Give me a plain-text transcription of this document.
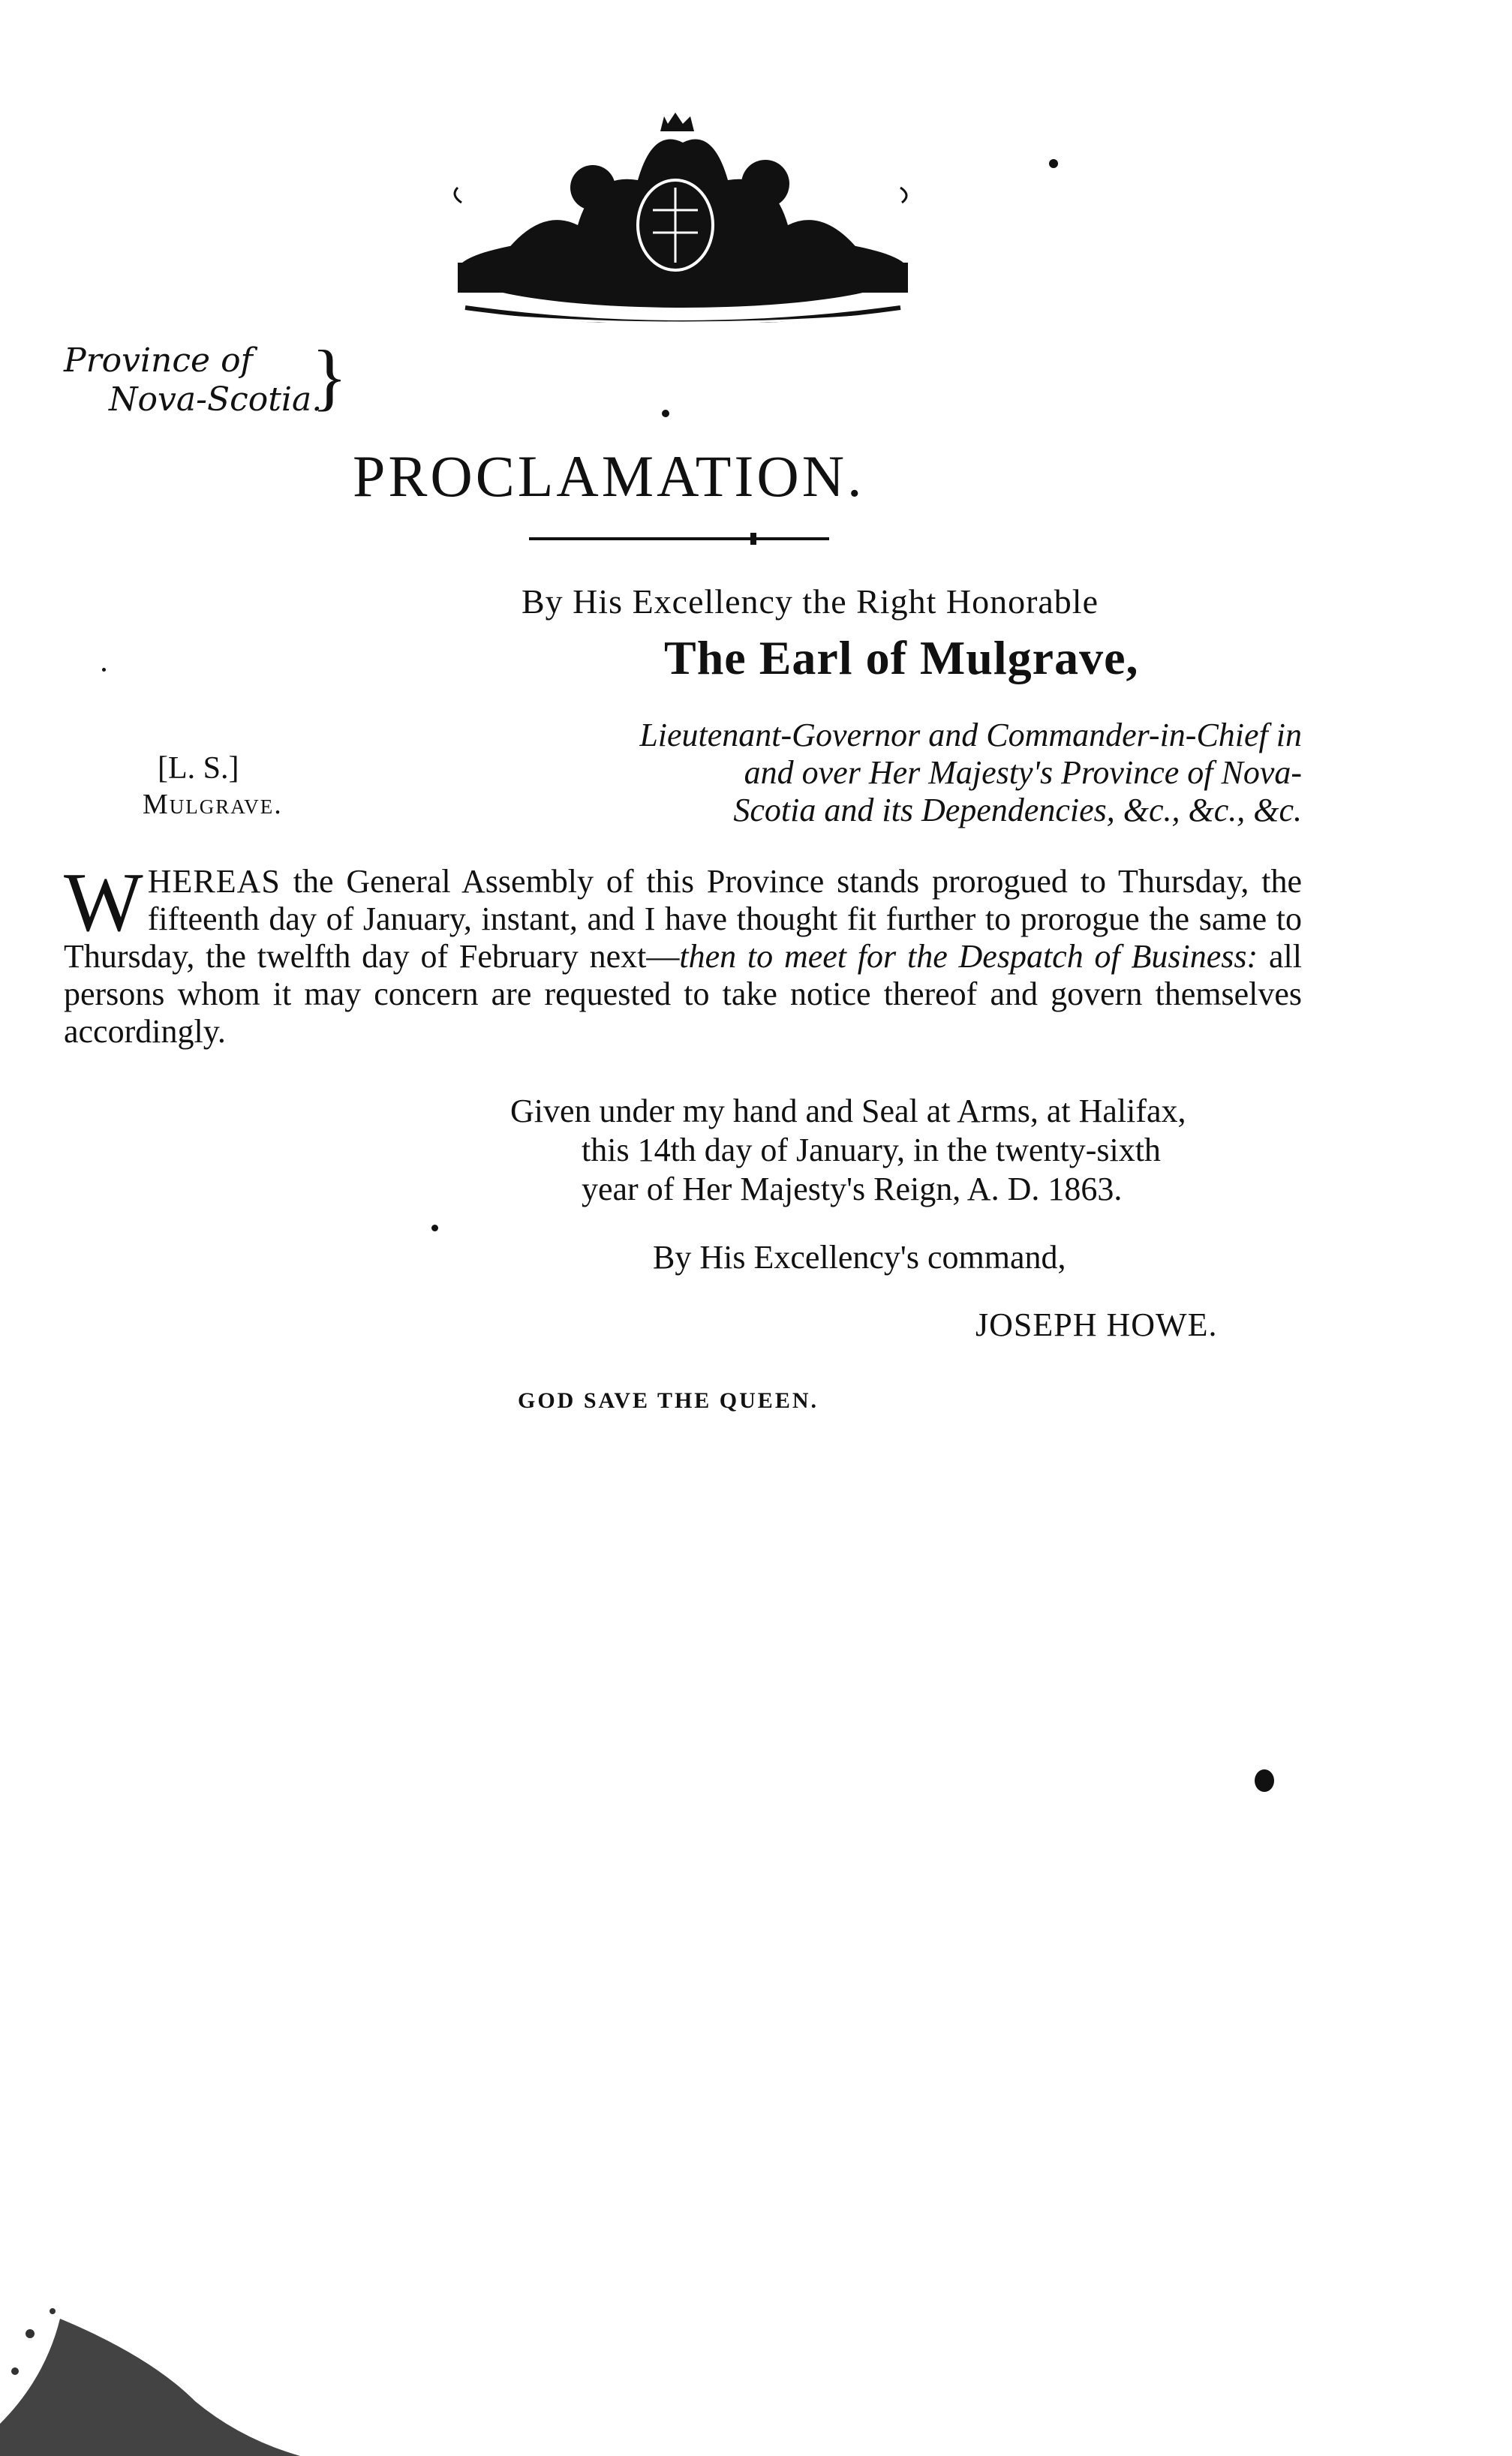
Province of
Nova-Scotia.
}
PROCLAMATION.
By His Excellency the Right Honorable
The Earl of Mulgrave,
Lieutenant-Governor and Commander-in-Chief in
and over Her Majesty's Province of Nova-
Scotia and its Dependencies, &c., &c., &c.
[L. S.]
Mulgrave.
WHEREAS the General Assembly of this Province stands prorogued to Thursday, the fifteenth day of January, instant, and I have thought fit further to prorogue the same to Thursday, the twelfth day of February next—then to meet for the Despatch of Business: all persons whom it may concern are requested to take notice thereof and govern themselves accordingly.
Given under my hand and Seal at Arms, at Halifax,
this 14th day of January, in the twenty-sixth
year of Her Majesty's Reign, A. D. 1863.
By His Excellency's command,
JOSEPH HOWE.
GOD SAVE THE QUEEN.
